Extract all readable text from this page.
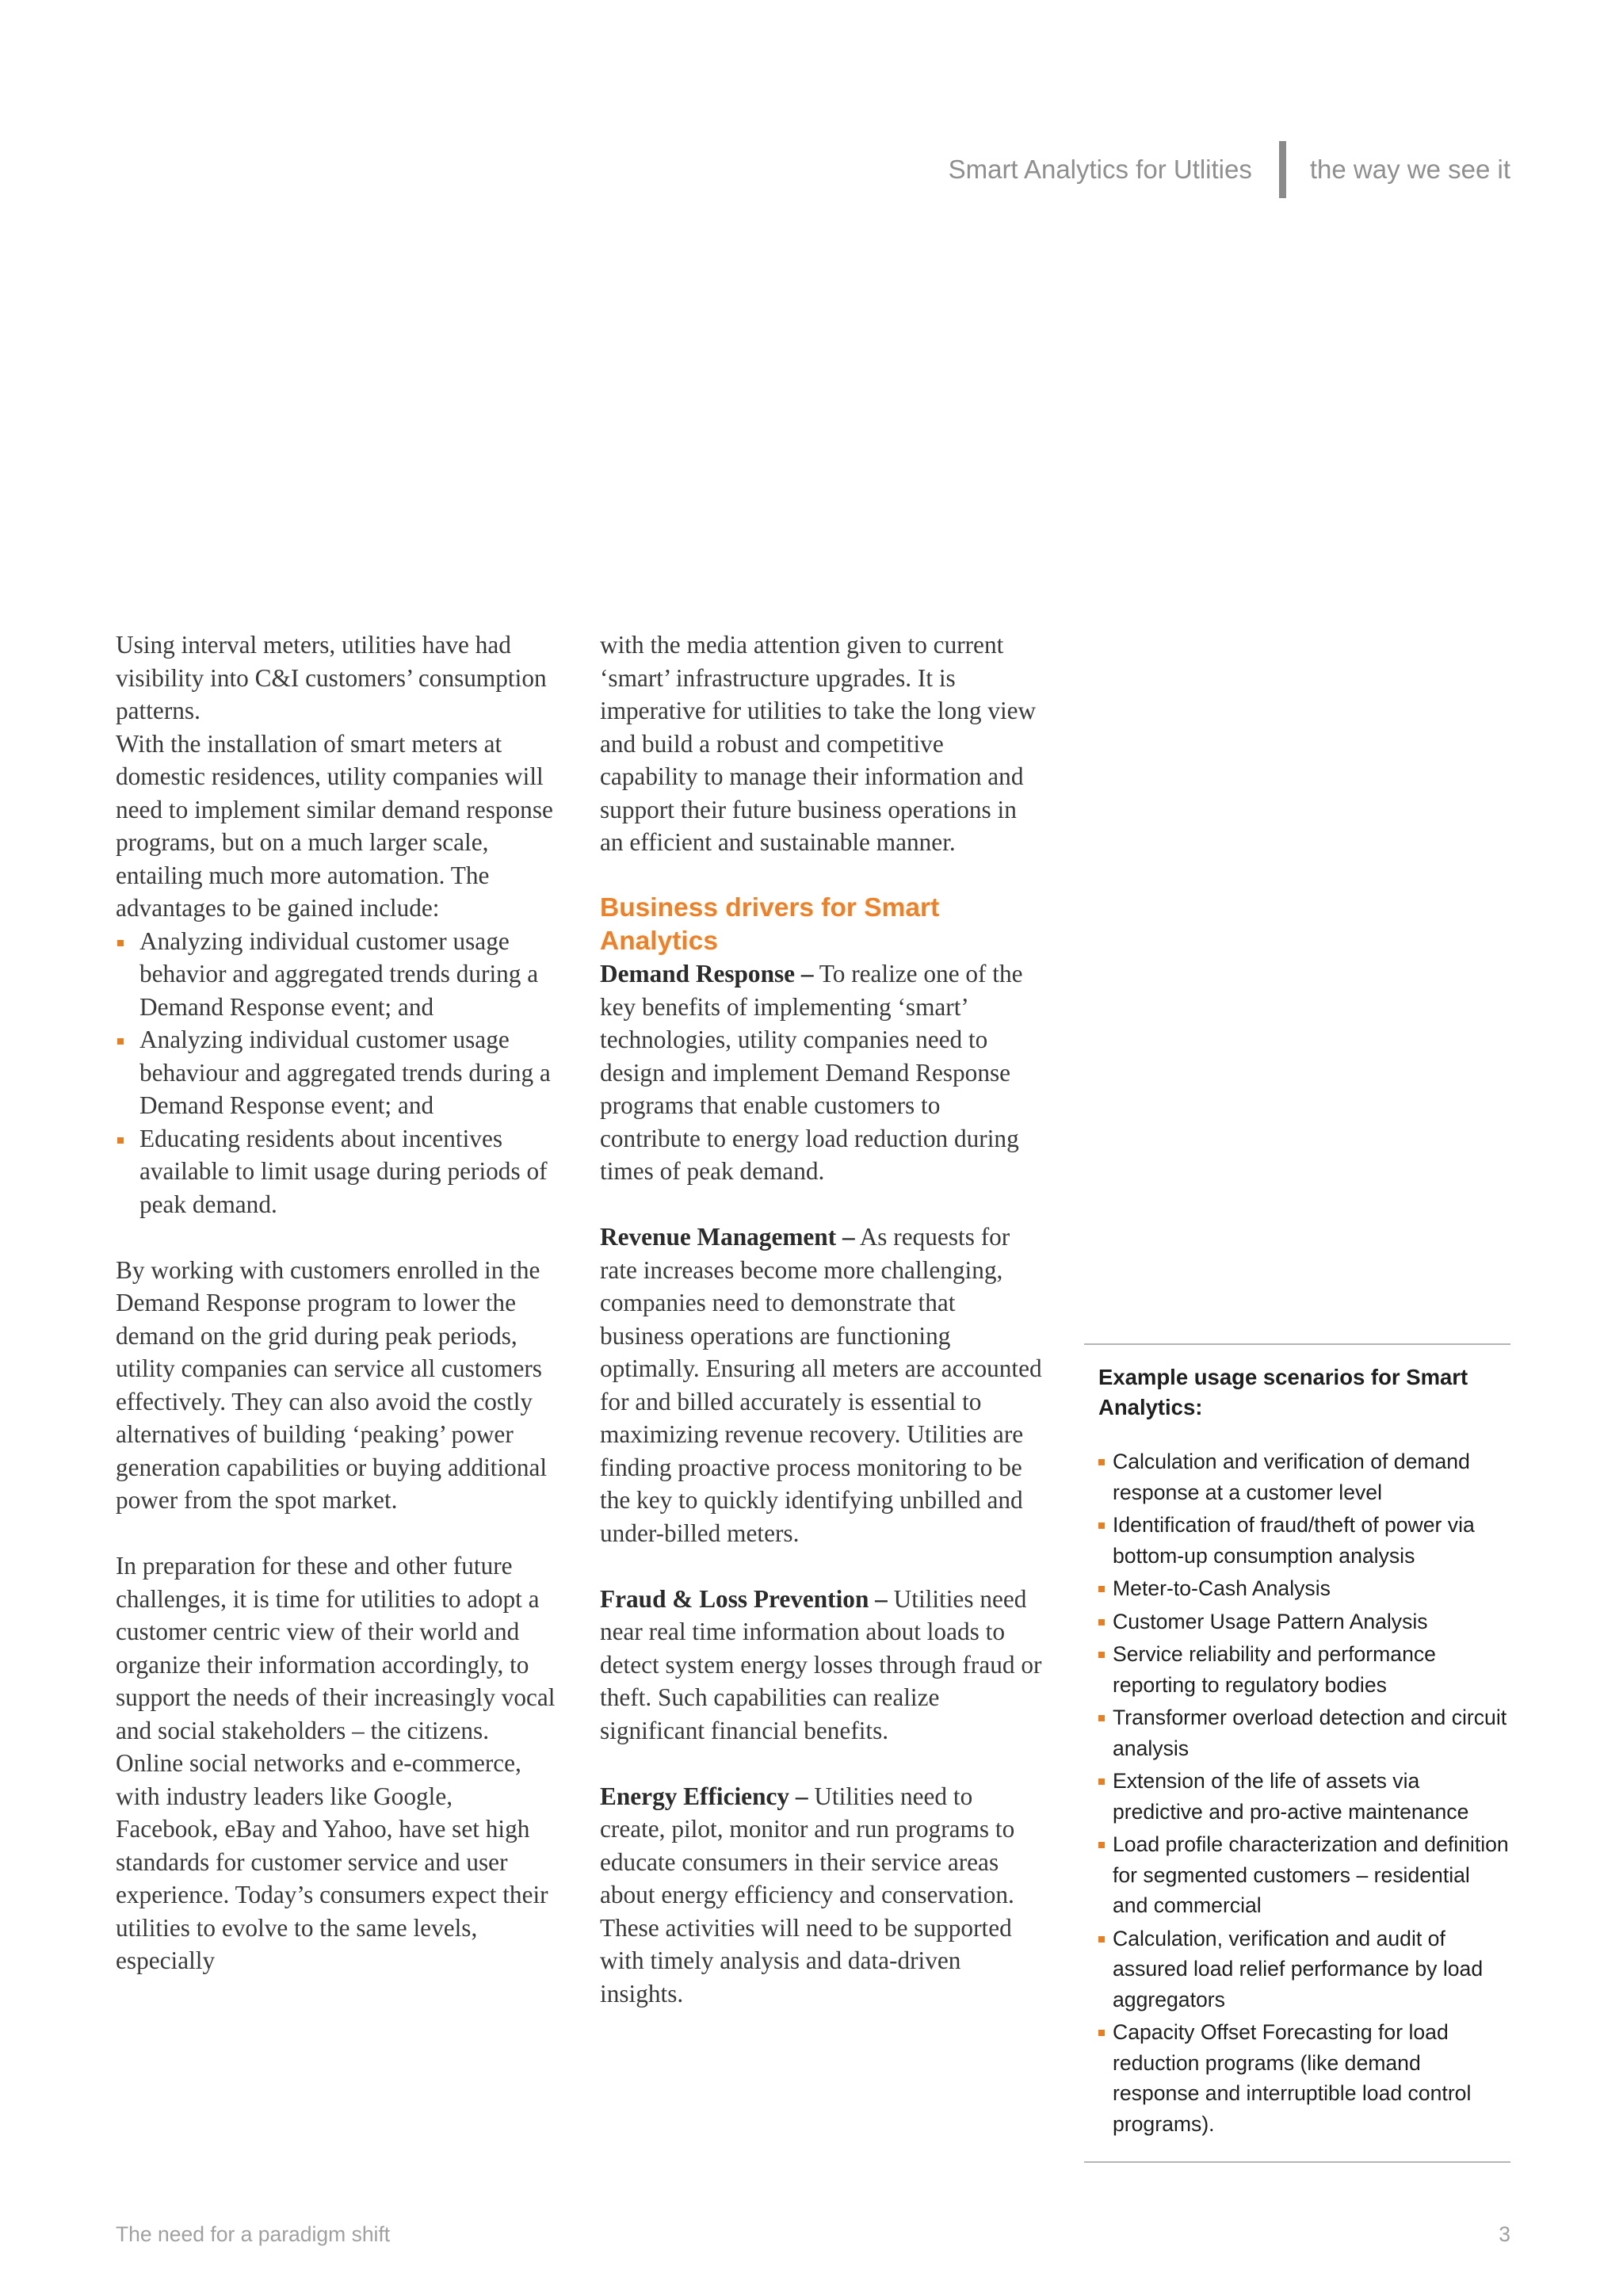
Smart Analytics for Utlities the way we see it

Using interval meters, utilities have had visibility into C&I customers’ consumption patterns.

With the installation of smart meters at domestic residences, utility companies will need to implement similar demand response programs, but on a much larger scale, entailing much more automation. The advantages to be gained include:

Analyzing individual customer usage behavior and aggregated trends during a Demand Response event; and
Analyzing individual customer usage behaviour and aggregated trends during a Demand Response event; and
Educating residents about incentives available to limit usage during periods of peak demand.

By working with customers enrolled in the Demand Response program to lower the demand on the grid during peak periods, utility companies can service all customers effectively. They can also avoid the costly alternatives of building ‘peaking’ power generation capabilities or buying additional power from the spot market.

In preparation for these and other future challenges, it is time for utilities to adopt a customer centric view of their world and organize their information accordingly, to support the needs of their increasingly vocal and social stakeholders – the citizens. Online social networks and e-commerce, with industry leaders like Google, Facebook, eBay and Yahoo, have set high standards for customer service and user experience. Today’s consumers expect their utilities to evolve to the same levels, especially

with the media attention given to current ‘smart’ infrastructure upgrades. It is imperative for utilities to take the long view and build a robust and competitive capability to manage their information and support their future business operations in an efficient and sustainable manner.

Business drivers for Smart Analytics

Demand Response – To realize one of the key benefits of implementing ‘smart’ technologies, utility companies need to design and implement Demand Response programs that enable customers to contribute to energy load reduction during times of peak demand.

Revenue Management – As requests for rate increases become more challenging, companies need to demonstrate that business operations are functioning optimally. Ensuring all meters are accounted for and billed accurately is essential to maximizing revenue recovery. Utilities are finding proactive process monitoring to be the key to quickly identifying unbilled and under-billed meters.

Fraud & Loss Prevention – Utilities need near real time information about loads to detect system energy losses through fraud or theft. Such capabilities can realize significant financial benefits.

Energy Efficiency – Utilities need to create, pilot, monitor and run programs to educate consumers in their service areas about energy efficiency and conservation. These activities will need to be supported with timely analysis and data-driven insights.

Example usage scenarios for Smart Analytics:

Calculation and verification of demand response at a customer level
Identification of fraud/theft of power via bottom-up consumption analysis
Meter-to-Cash Analysis
Customer Usage Pattern Analysis
Service reliability and performance reporting to regulatory bodies
Transformer overload detection and circuit analysis
Extension of the life of assets via predictive and pro-active maintenance
Load profile characterization and definition for segmented customers – residential and commercial
Calculation, verification and audit of assured load relief performance by load aggregators
Capacity Offset Forecasting for load reduction programs (like demand response and interruptible load control programs).
The need for a paradigm shift	3
